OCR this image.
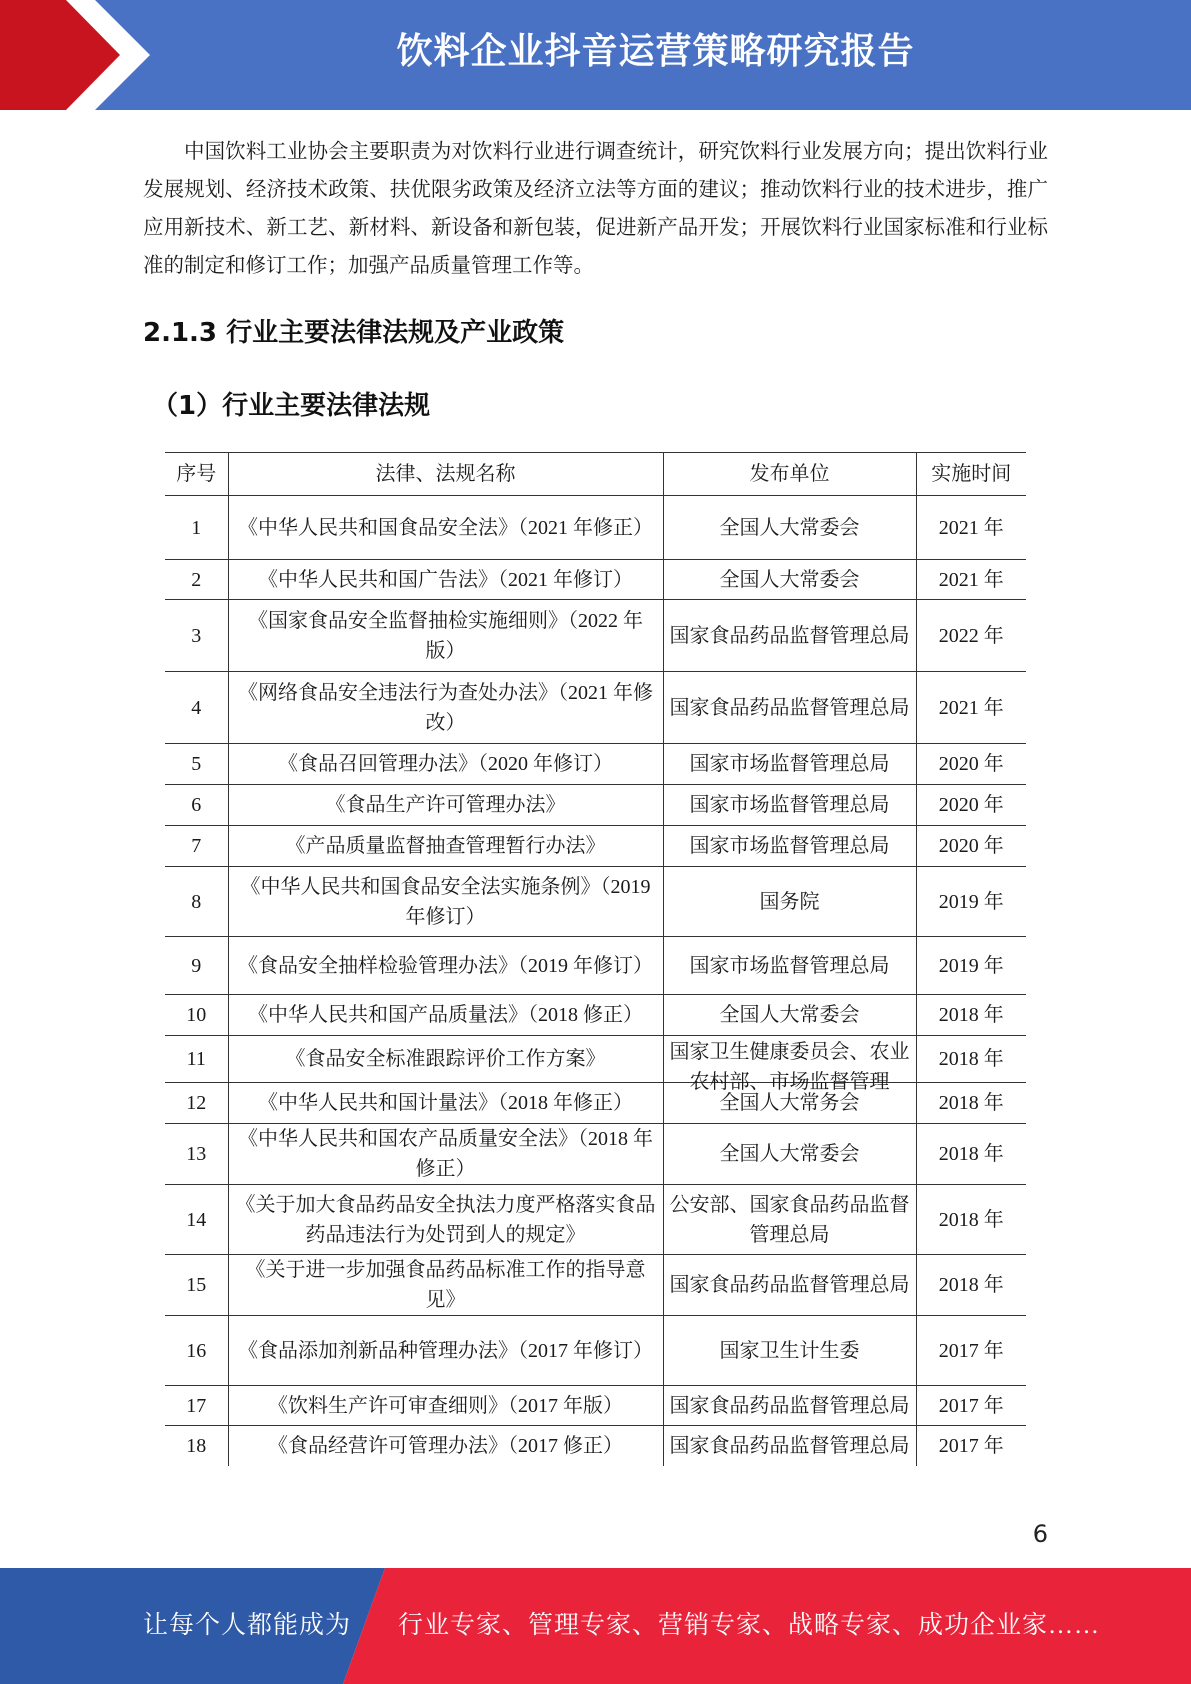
饮料企业抖音运营策略研究报告

中国饮料工业协会主要职责为对饮料行业进行调查统计，研究饮料行业发展方向；提出饮料行业发展规划、经济技术政策、扶优限劣政策及经济立法等方面的建议；推动饮料行业的技术进步，推广应用新技术、新工艺、新材料、新设备和新包装，促进新产品开发；开展饮料行业国家标准和行业标准的制定和修订工作；加强产品质量管理工作等。

2.1.3 行业主要法律法规及产业政策
（1）行业主要法律法规
序号	法律、法规名称	发布单位	实施时间
1	《中华人民共和国食品安全法》（2021 年修正）	全国人大常委会	2021 年
2	《中华人民共和国广告法》（2021 年修订）	全国人大常委会	2021 年
3	《国家食品安全监督抽检实施细则》（2022 年版）	国家食品药品监督管理总局	2022 年
4	《网络食品安全违法行为查处办法》（2021 年修改）	国家食品药品监督管理总局	2021 年
5	《食品召回管理办法》（2020 年修订）	国家市场监督管理总局	2020 年
6	《食品生产许可管理办法》	国家市场监督管理总局	2020 年
7	《产品质量监督抽查管理暂行办法》	国家市场监督管理总局	2020 年
8	《中华人民共和国食品安全法实施条例》（2019 年修订）	国务院	2019 年
9	《食品安全抽样检验管理办法》（2019 年修订）	国家市场监督管理总局	2019 年
10	《中华人民共和国产品质量法》（2018 修正）	全国人大常委会	2018 年
11	《食品安全标准跟踪评价工作方案》	国家卫生健康委员会、农业农村部、市场监督管理	2018 年
12	《中华人民共和国计量法》（2018 年修正）	全国人大常务会	2018 年
13	《中华人民共和国农产品质量安全法》（2018 年修正）	全国人大常委会	2018 年
14	《关于加大食品药品安全执法力度严格落实食品药品违法行为处罚到人的规定》	公安部、国家食品药品监督管理总局	2018 年
15	《关于进一步加强食品药品标准工作的指导意见》	国家食品药品监督管理总局	2018 年
16	《食品添加剂新品种管理办法》（2017 年修订）	国家卫生计生委	2017 年
17	《饮料生产许可审查细则》（2017 年版）	国家食品药品监督管理总局	2017 年
18	《食品经营许可管理办法》（2017 修正）	国家食品药品监督管理总局	2017 年
6
让每个人都能成为 行业专家、管理专家、营销专家、战略专家、成功企业家……
